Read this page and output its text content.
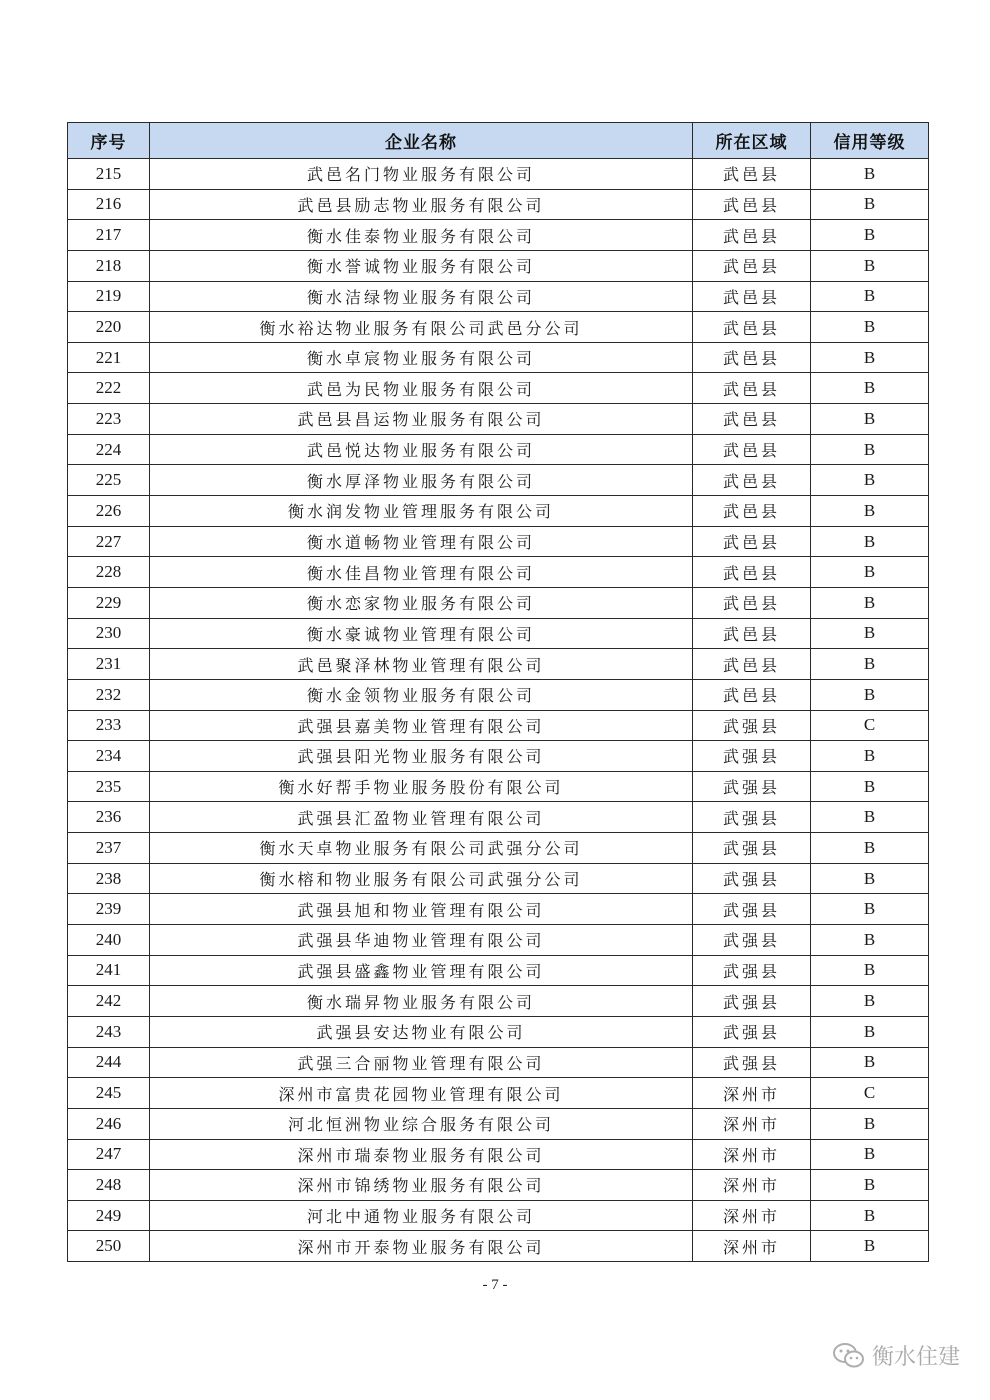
序号	企业名称	所在区域	信用等级
215	武邑名门物业服务有限公司	武邑县	B
216	武邑县励志物业服务有限公司	武邑县	B
217	衡水佳泰物业服务有限公司	武邑县	B
218	衡水誉诚物业服务有限公司	武邑县	B
219	衡水洁绿物业服务有限公司	武邑县	B
220	衡水裕达物业服务有限公司武邑分公司	武邑县	B
221	衡水卓宸物业服务有限公司	武邑县	B
222	武邑为民物业服务有限公司	武邑县	B
223	武邑县昌运物业服务有限公司	武邑县	B
224	武邑悦达物业服务有限公司	武邑县	B
225	衡水厚泽物业服务有限公司	武邑县	B
226	衡水润发物业管理服务有限公司	武邑县	B
227	衡水道畅物业管理有限公司	武邑县	B
228	衡水佳昌物业管理有限公司	武邑县	B
229	衡水恋家物业服务有限公司	武邑县	B
230	衡水豪诚物业管理有限公司	武邑县	B
231	武邑聚泽林物业管理有限公司	武邑县	B
232	衡水金领物业服务有限公司	武邑县	B
233	武强县嘉美物业管理有限公司	武强县	C
234	武强县阳光物业服务有限公司	武强县	B
235	衡水好帮手物业服务股份有限公司	武强县	B
236	武强县汇盈物业管理有限公司	武强县	B
237	衡水天卓物业服务有限公司武强分公司	武强县	B
238	衡水榕和物业服务有限公司武强分公司	武强县	B
239	武强县旭和物业管理有限公司	武强县	B
240	武强县华迪物业管理有限公司	武强县	B
241	武强县盛鑫物业管理有限公司	武强县	B
242	衡水瑞昇物业服务有限公司	武强县	B
243	武强县安达物业有限公司	武强县	B
244	武强三合丽物业管理有限公司	武强县	B
245	深州市富贵花园物业管理有限公司	深州市	C
246	河北恒洲物业综合服务有限公司	深州市	B
247	深州市瑞泰物业服务有限公司	深州市	B
248	深州市锦绣物业服务有限公司	深州市	B
249	河北中通物业服务有限公司	深州市	B
250	深州市开泰物业服务有限公司	深州市	B
- 7 -
衡水住建
